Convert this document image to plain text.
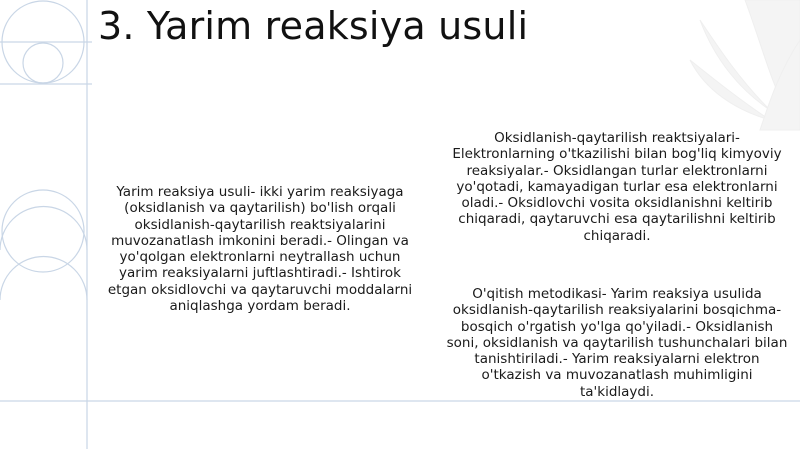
3. Yarim reaksiya usuli
Yarim reaksiya usuli- ikki yarim reaksiyaga (oksidlanish va qaytarilish) bo'lish orqali oksidlanish-qaytarilish reaktsiyalarini muvozanatlash imkonini beradi.- Olingan va yo'qolgan elektronlarni neytrallash uchun yarim reaksiyalarni juftlashtiradi.- Ishtirok etgan oksidlovchi va qaytaruvchi moddalarni aniqlashga yordam beradi.
Oksidlanish-qaytarilish reaktsiyalari- Elektronlarning o'tkazilishi bilan bog'liq kimyoviy reaksiyalar.- Oksidlangan turlar elektronlarni yo'qotadi, kamayadigan turlar esa elektronlarni oladi.- Oksidlovchi vosita oksidlanishni keltirib chiqaradi, qaytaruvchi esa qaytarilishni keltirib chiqaradi.
O'qitish metodikasi- Yarim reaksiya usulida oksidlanish-qaytarilish reaksiyalarini bosqichma-bosqich o'rgatish yo'lga qo'yiladi.- Oksidlanish soni, oksidlanish va qaytarilish tushunchalari bilan tanishtiriladi.- Yarim reaksiyalarni elektron o'tkazish va muvozanatlash muhimligini ta'kidlaydi.
